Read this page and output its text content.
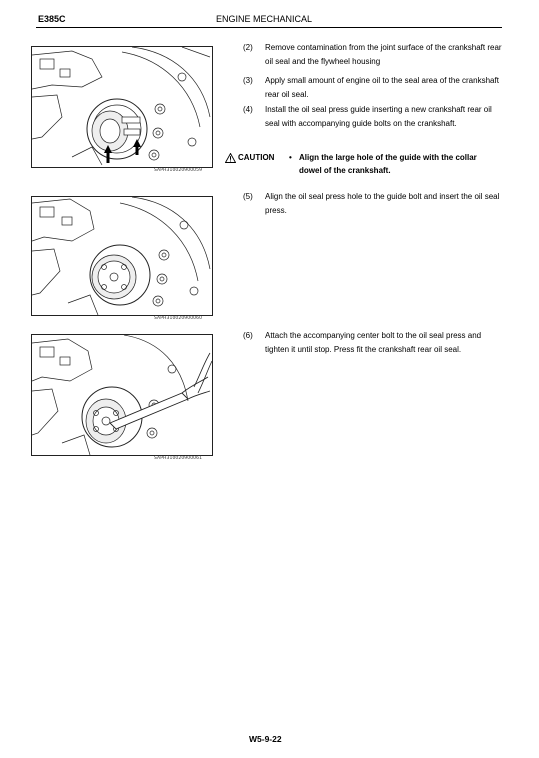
E385C	ENGINE MECHANICAL
SAPH310020900059
SAPH310020900060
SAPH310020900061
(2) Remove contamination from the joint surface of the crankshaft rear oil seal and the flywheel housing
(3) Apply small amount of engine oil to the seal area of the crankshaft rear oil seal.
(4) Install the oil seal press guide inserting a new crankshaft rear oil seal with accompanying guide bolts on the crankshaft.
CAUTION • Align the large hole of the guide with the collar dowel of the crankshaft.
(5) Align the oil seal press hole to the guide bolt and insert the oil seal press.
(6) Attach the accompanying center bolt to the oil seal press and tighten it until stop. Press fit the crankshaft rear oil seal.
W5-9-22
